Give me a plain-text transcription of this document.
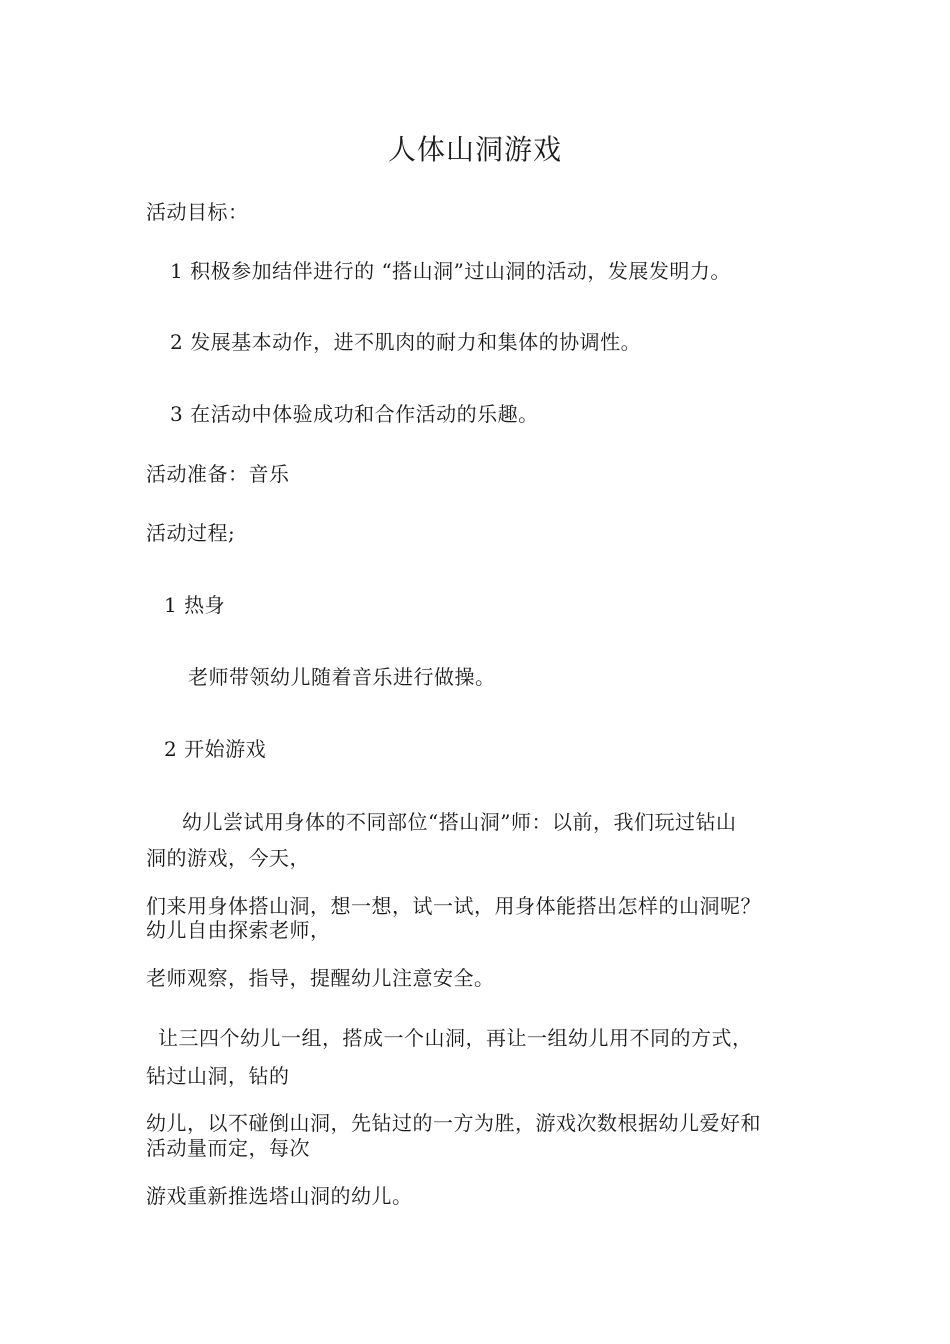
人体山洞游戏
活动目标：
1 积极参加结伴进行的 “搭山洞”过山洞的活动，发展发明力。
2 发展基本动作，进不肌肉的耐力和集体的协调性。
3 在活动中体验成功和合作活动的乐趣。
活动准备：音乐
活动过程;
1 热身
老师带领幼儿随着音乐进行做操。
2 开始游戏
幼儿尝试用身体的不同部位“搭山洞”师：以前，我们玩过钻山
洞的游戏，今天，
们来用身体搭山洞，想一想，试一试，用身体能搭出怎样的山洞呢？
幼儿自由探索老师，
老师观察，指导，提醒幼儿注意安全。
让三四个幼儿一组，搭成一个山洞，再让一组幼儿用不同的方式，
钻过山洞，钻的
幼儿，以不碰倒山洞，先钻过的一方为胜，游戏次数根据幼儿爱好和
活动量而定，每次
游戏重新推选塔山洞的幼儿。
